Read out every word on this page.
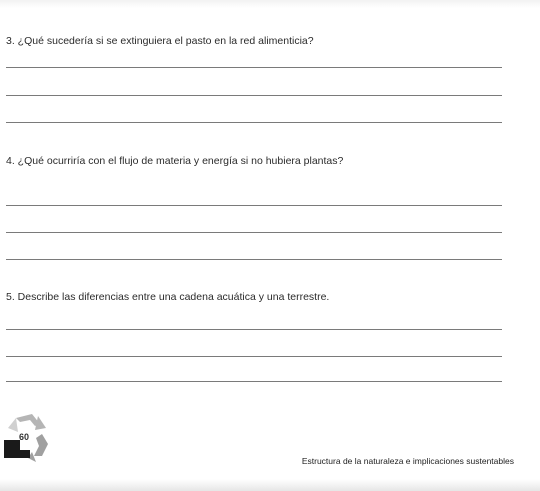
3. ¿Qué sucedería si se extinguiera el pasto en la red alimenticia?
4. ¿Qué ocurriría con el flujo de materia y energía si no hubiera plantas?
5. Describe las diferencias entre una cadena acuática y una terrestre.
60
Estructura de la naturaleza e implicaciones sustentables
